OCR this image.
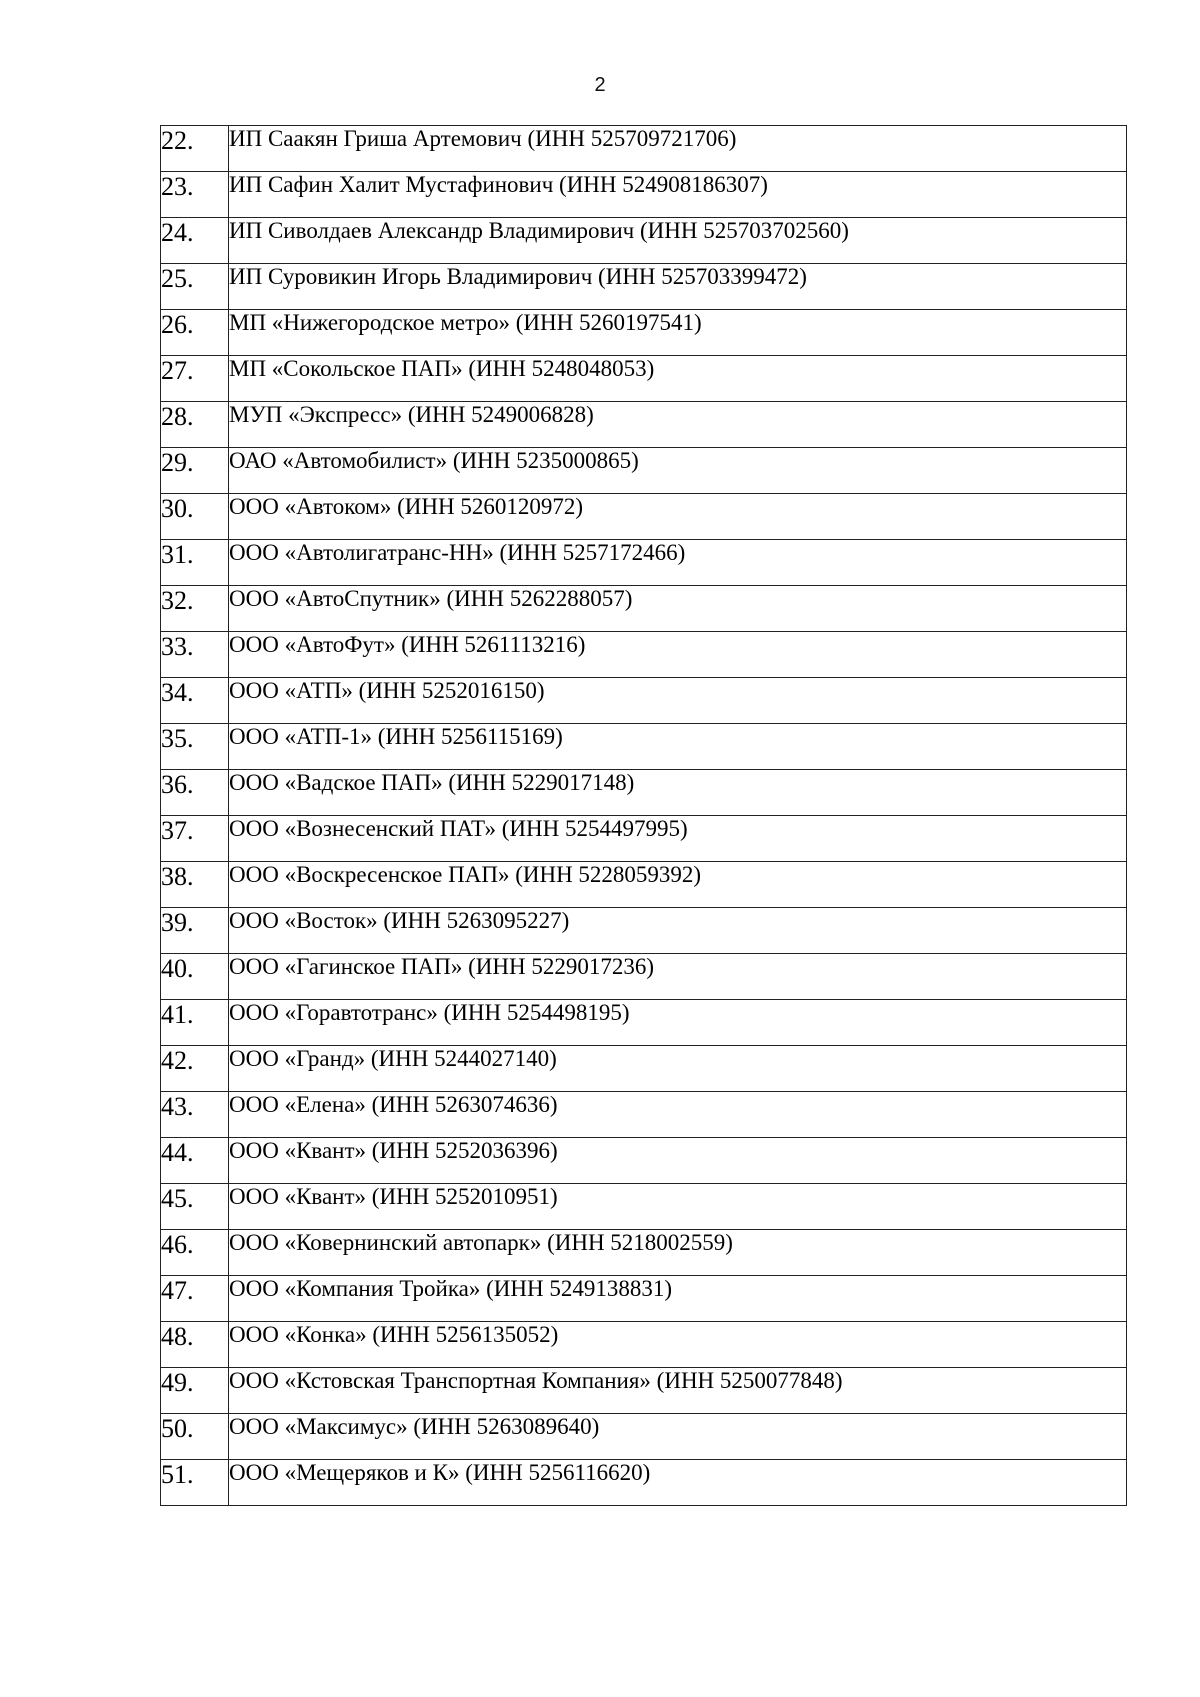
2
22.	ИП Саакян Гриша Артемович (ИНН 525709721706)
23.	ИП Сафин Халит Мустафинович (ИНН 524908186307)
24.	ИП Сиволдаев Александр Владимирович (ИНН 525703702560)
25.	ИП Суровикин Игорь Владимирович (ИНН 525703399472)
26.	МП «Нижегородское метро» (ИНН 5260197541)
27.	МП «Сокольское ПАП» (ИНН 5248048053)
28.	МУП «Экспресс» (ИНН 5249006828)
29.	ОАО «Автомобилист» (ИНН 5235000865)
30.	ООО «Автоком» (ИНН 5260120972)
31.	ООО «Автолигатранс-НН» (ИНН 5257172466)
32.	ООО «АвтоСпутник» (ИНН 5262288057)
33.	ООО «АвтоФут» (ИНН 5261113216)
34.	ООО «АТП» (ИНН 5252016150)
35.	ООО «АТП-1» (ИНН 5256115169)
36.	ООО «Вадское ПАП» (ИНН 5229017148)
37.	ООО «Вознесенский ПАТ» (ИНН 5254497995)
38.	ООО «Воскресенское ПАП» (ИНН 5228059392)
39.	ООО «Восток» (ИНН 5263095227)
40.	ООО «Гагинское ПАП» (ИНН 5229017236)
41.	ООО «Горавтотранс» (ИНН 5254498195)
42.	ООО «Гранд» (ИНН 5244027140)
43.	ООО «Елена» (ИНН 5263074636)
44.	ООО «Квант» (ИНН 5252036396)
45.	ООО «Квант» (ИНН 5252010951)
46.	ООО «Ковернинский автопарк» (ИНН 5218002559)
47.	ООО «Компания Тройка» (ИНН 5249138831)
48.	ООО «Конка» (ИНН 5256135052)
49.	ООО «Кстовская Транспортная Компания» (ИНН 5250077848)
50.	ООО «Максимус» (ИНН 5263089640)
51.	ООО «Мещеряков и К» (ИНН 5256116620)
